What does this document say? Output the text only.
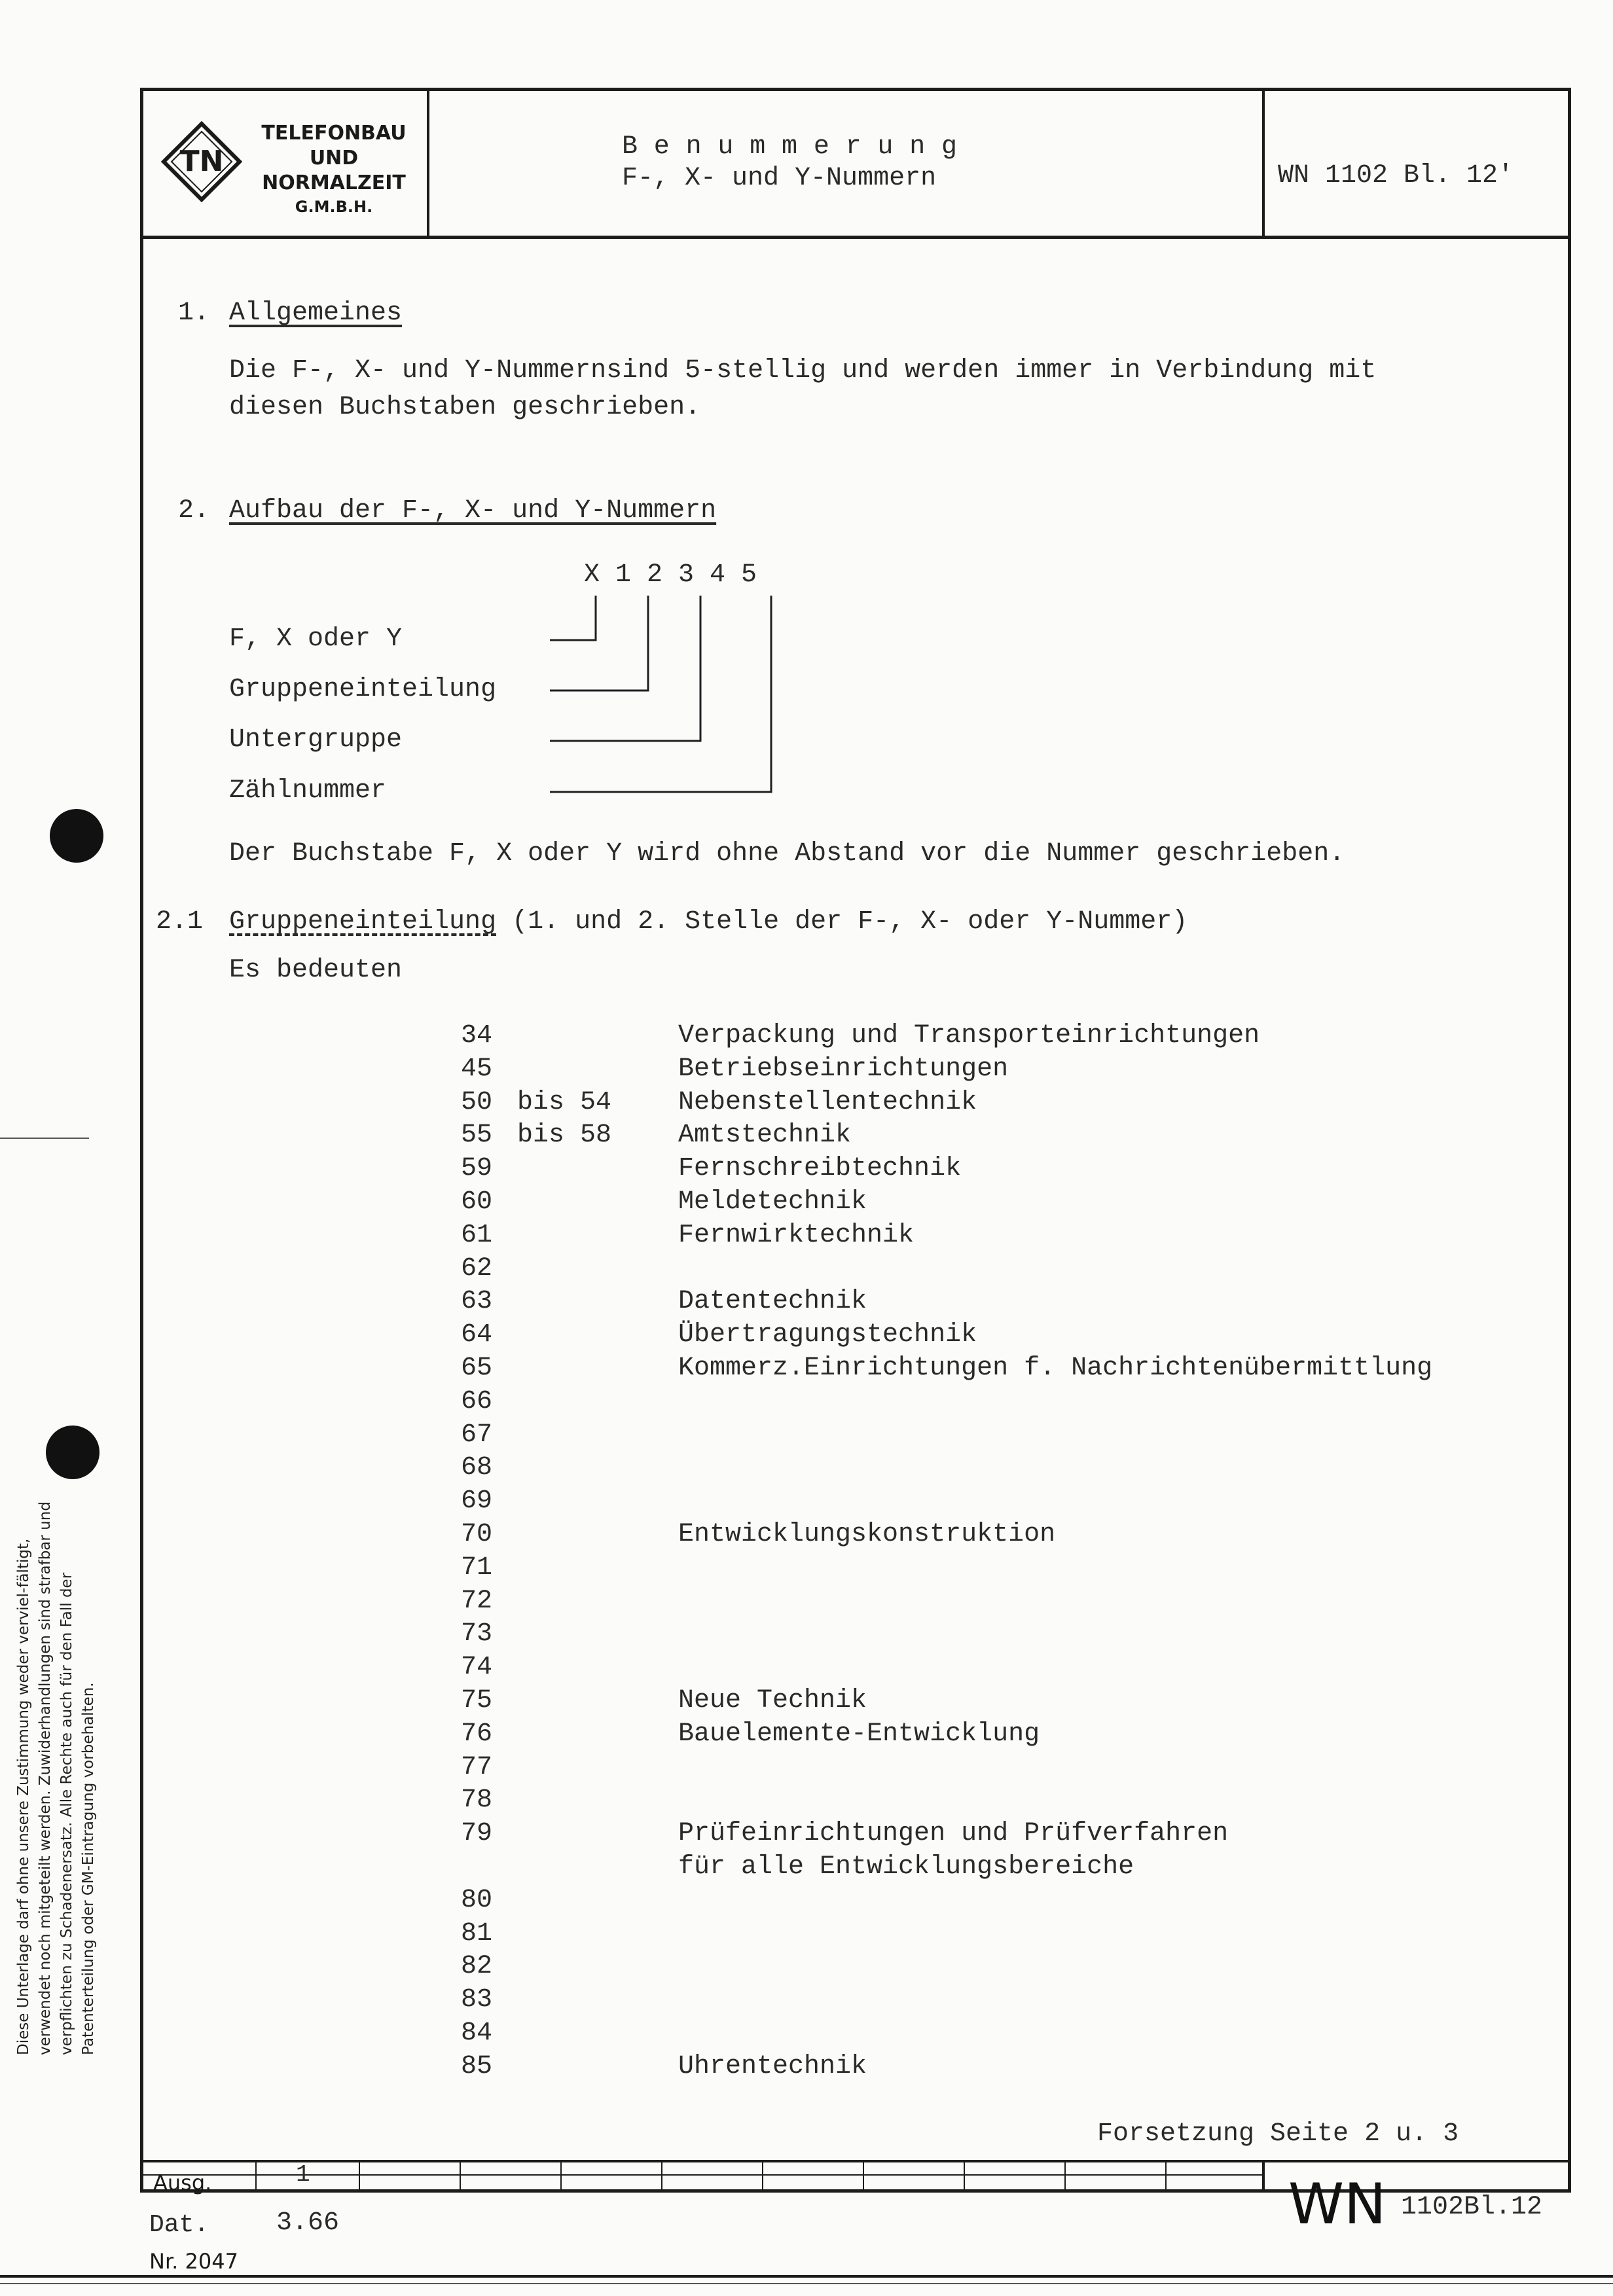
Diese Unterlage darf ohne unsere Zustimmung weder verviel-fältigt, verwendet noch mitgeteilt werden. Zuwiderhandlungen sind strafbar und verpflichten zu Schadenersatz. Alle Rechte auch für den Fall der Patenterteilung oder GM-Eintragung vorbehalten.
TN
TELEFONBAU
UND
NORMALZEIT
G.M.B.H.
Benummerung
F-, X- und Y-Nummern	WN 1102 Bl. 12'
1. Allgemeines
Die F-, X- und Y-Nummernsind 5-stellig und werden immer in Verbindung mit
diesen Buchstaben geschrieben.
2. Aufbau der F-, X- und Y-Nummern
X 1 2 3 4 5
F, X oder Y
Gruppeneinteilung
Untergruppe
Zählnummer
Der Buchstabe F, X oder Y wird ohne Abstand vor die Nummer geschrieben.
2.1 Gruppeneinteilung (1. und 2. Stelle der F-, X- oder Y-Nummer)
Es bedeuten
34	Verpackung und Transporteinrichtungen
45	Betriebseinrichtungen
50 bis 54	Nebenstellentechnik
55 bis 58	Amtstechnik
59	Fernschreibtechnik
60	Meldetechnik
61	Fernwirktechnik
62
63	Datentechnik
64	Übertragungstechnik
65	Kommerz.Einrichtungen f. Nachrichtenübermittlung
66
67
68
69
70	Entwicklungskonstruktion
71
72
73
74
75	Neue Technik
76	Bauelemente-Entwicklung
77
78
79	Prüfeinrichtungen und Prüfverfahren
für alle Entwicklungsbereiche
80
81
82
83
84
85	Uhrentechnik
Forsetzung Seite 2 u. 3
Ausg.	1
Dat.	3.66	WN 1102Bl.12
Nr. 2047
